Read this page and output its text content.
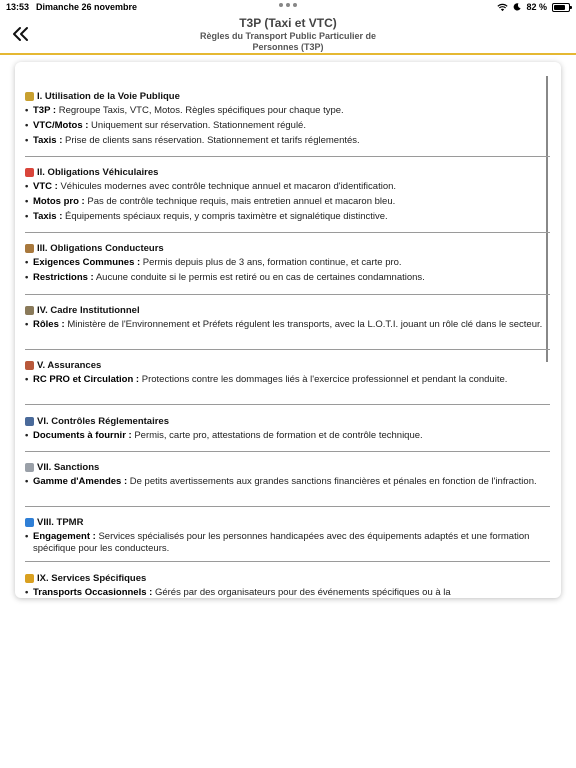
13:53 Dimanche 26 novembre	82 %
T3P (Taxi et VTC)
Règles du Transport Public Particulier de Personnes (T3P)
I. Utilisation de la Voie Publique
• T3P : Regroupe Taxis, VTC, Motos. Règles spécifiques pour chaque type.
• VTC/Motos : Uniquement sur réservation. Stationnement régulé.
• Taxis : Prise de clients sans réservation. Stationnement et tarifs réglementés.
II. Obligations Véhiculaires
• VTC : Véhicules modernes avec contrôle technique annuel et macaron d'identification.
• Motos pro : Pas de contrôle technique requis, mais entretien annuel et macaron bleu.
• Taxis : Équipements spéciaux requis, y compris taximètre et signalétique distinctive.
III. Obligations Conducteurs
• Exigences Communes : Permis depuis plus de 3 ans, formation continue, et carte pro.
• Restrictions : Aucune conduite si le permis est retiré ou en cas de certaines condamnations.
IV. Cadre Institutionnel
• Rôles : Ministère de l'Environnement et Préfets régulent les transports, avec la L.O.T.I. jouant un rôle clé dans le secteur.
V. Assurances
• RC PRO et Circulation : Protections contre les dommages liés à l'exercice professionnel et pendant la conduite.
VI. Contrôles Réglementaires
• Documents à fournir : Permis, carte pro, attestations de formation et de contrôle technique.
VII. Sanctions
• Gamme d'Amendes : De petits avertissements aux grandes sanctions financières et pénales en fonction de l'infraction.
VIII. TPMR
• Engagement : Services spécialisés pour les personnes handicapées avec des équipements adaptés et une formation spécifique pour les conducteurs.
IX. Services Spécifiques
• Transports Occasionnels : Gérés par des organisateurs pour des événements spécifiques ou à la
